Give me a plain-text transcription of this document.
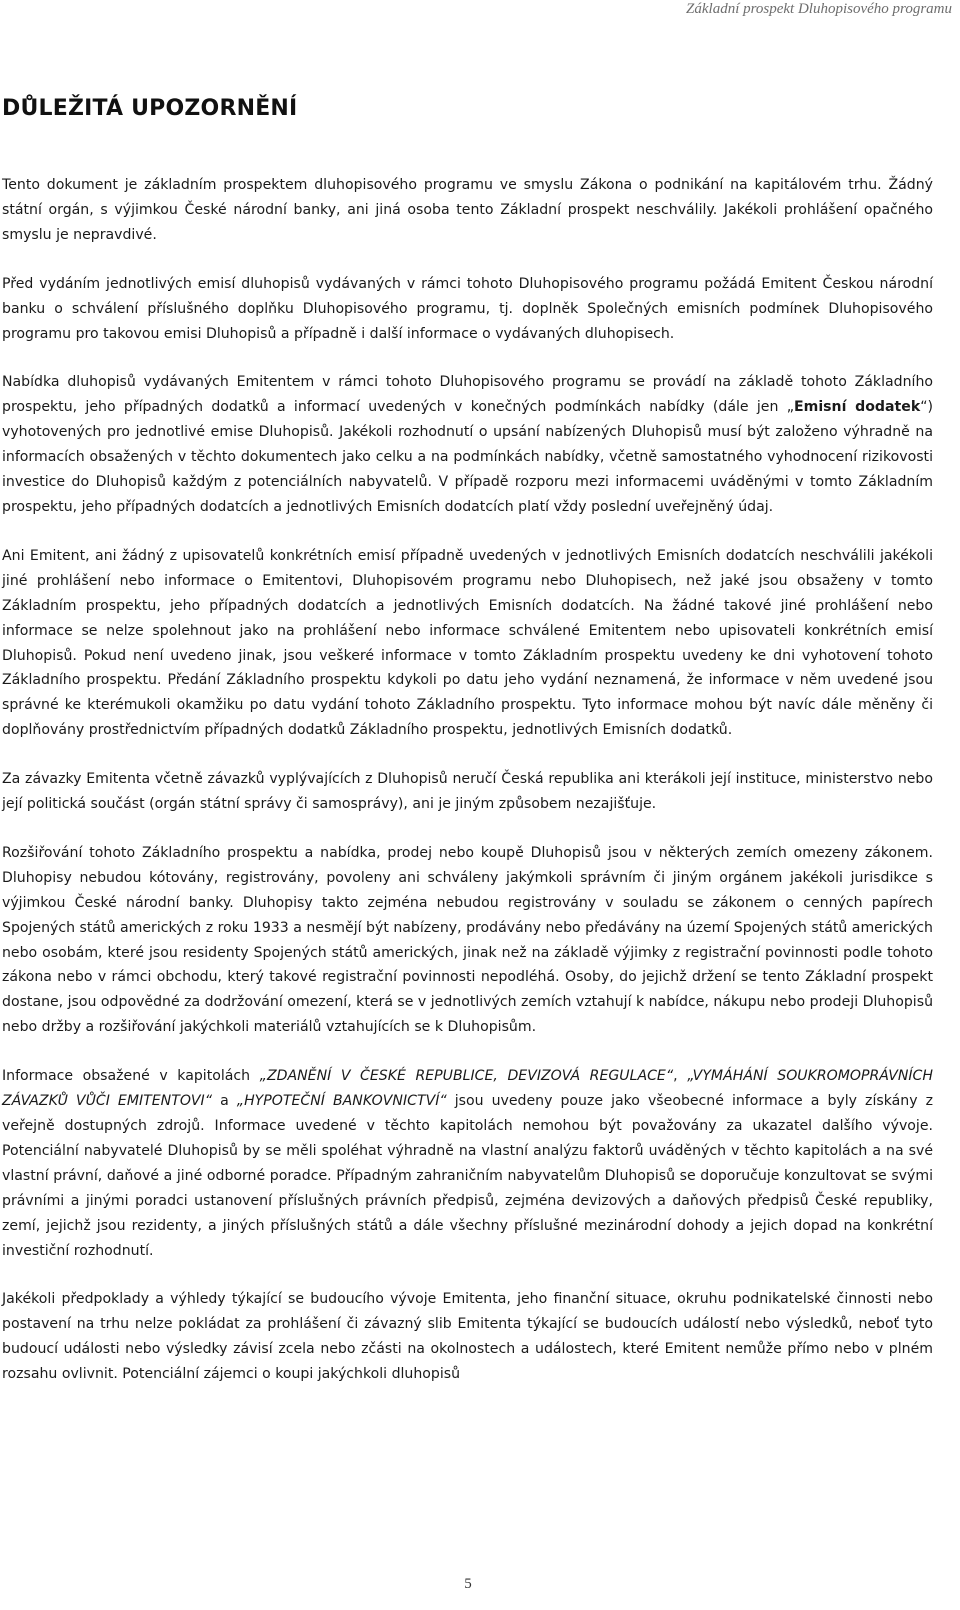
Základní prospekt Dluhopisového programu
DŮLEŽITÁ UPOZORNĚNÍ

Tento dokument je základním prospektem dluhopisového programu ve smyslu Zákona o podnikání na kapitálovém trhu. Žádný státní orgán, s výjimkou České národní banky, ani jiná osoba tento Základní prospekt neschválily. Jakékoli prohlášení opačného smyslu je nepravdivé.

Před vydáním jednotlivých emisí dluhopisů vydávaných v rámci tohoto Dluhopisového programu požádá Emitent Českou národní banku o schválení příslušného doplňku Dluhopisového programu, tj. doplněk Společných emisních podmínek Dluhopisového programu pro takovou emisi Dluhopisů a případně i další informace o vydávaných dluhopisech.

Nabídka dluhopisů vydávaných Emitentem v rámci tohoto Dluhopisového programu se provádí na základě tohoto Základního prospektu, jeho případných dodatků a informací uvedených v konečných podmínkách nabídky (dále jen „Emisní dodatek“) vyhotovených pro jednotlivé emise Dluhopisů. Jakékoli rozhodnutí o upsání nabízených Dluhopisů musí být založeno výhradně na informacích obsažených v těchto dokumentech jako celku a na podmínkách nabídky, včetně samostatného vyhodnocení rizikovosti investice do Dluhopisů každým z potenciálních nabyvatelů. V případě rozporu mezi informacemi uváděnými v tomto Základním prospektu, jeho případných dodatcích a jednotlivých Emisních dodatcích platí vždy poslední uveřejněný údaj.

Ani Emitent, ani žádný z upisovatelů konkrétních emisí případně uvedených v jednotlivých Emisních dodatcích neschválili jakékoli jiné prohlášení nebo informace o Emitentovi, Dluhopisovém programu nebo Dluhopisech, než jaké jsou obsaženy v tomto Základním prospektu, jeho případných dodatcích a jednotlivých Emisních dodatcích. Na žádné takové jiné prohlášení nebo informace se nelze spolehnout jako na prohlášení nebo informace schválené Emitentem nebo upisovateli konkrétních emisí Dluhopisů. Pokud není uvedeno jinak, jsou veškeré informace v tomto Základním prospektu uvedeny ke dni vyhotovení tohoto Základního prospektu. Předání Základního prospektu kdykoli po datu jeho vydání neznamená, že informace v něm uvedené jsou správné ke kterémukoli okamžiku po datu vydání tohoto Základního prospektu. Tyto informace mohou být navíc dále měněny či doplňovány prostřednictvím případných dodatků Základního prospektu, jednotlivých Emisních dodatků.

Za závazky Emitenta včetně závazků vyplývajících z Dluhopisů neručí Česká republika ani kterákoli její instituce, ministerstvo nebo její politická součást (orgán státní správy či samosprávy), ani je jiným způsobem nezajišťuje.

Rozšiřování tohoto Základního prospektu a nabídka, prodej nebo koupě Dluhopisů jsou v některých zemích omezeny zákonem. Dluhopisy nebudou kótovány, registrovány, povoleny ani schváleny jakýmkoli správním či jiným orgánem jakékoli jurisdikce s výjimkou České národní banky. Dluhopisy takto zejména nebudou registrovány v souladu se zákonem o cenných papírech Spojených států amerických z roku 1933 a nesmějí být nabízeny, prodávány nebo předávány na území Spojených států amerických nebo osobám, které jsou residenty Spojených států amerických, jinak než na základě výjimky z registrační povinnosti podle tohoto zákona nebo v rámci obchodu, který takové registrační povinnosti nepodléhá. Osoby, do jejichž držení se tento Základní prospekt dostane, jsou odpovědné za dodržování omezení, která se v jednotlivých zemích vztahují k nabídce, nákupu nebo prodeji Dluhopisů nebo držby a rozšiřování jakýchkoli materiálů vztahujících se k Dluhopisům.

Informace obsažené v kapitolách „ZDANĚNÍ V ČESKÉ REPUBLICE, DEVIZOVÁ REGULACE“, „VYMÁHÁNÍ SOUKROMOPRÁVNÍCH ZÁVAZKŮ VŮČI EMITENTOVI“ a „HYPOTEČNÍ BANKOVNICTVÍ“ jsou uvedeny pouze jako všeobecné informace a byly získány z veřejně dostupných zdrojů. Informace uvedené v těchto kapitolách nemohou být považovány za ukazatel dalšího vývoje. Potenciální nabyvatelé Dluhopisů by se měli spoléhat výhradně na vlastní analýzu faktorů uváděných v těchto kapitolách a na své vlastní právní, daňové a jiné odborné poradce. Případným zahraničním nabyvatelům Dluhopisů se doporučuje konzultovat se svými právními a jinými poradci ustanovení příslušných právních předpisů, zejména devizových a daňových předpisů České republiky, zemí, jejichž jsou rezidenty, a jiných příslušných států a dále všechny příslušné mezinárodní dohody a jejich dopad na konkrétní investiční rozhodnutí.

Jakékoli předpoklady a výhledy týkající se budoucího vývoje Emitenta, jeho finanční situace, okruhu podnikatelské činnosti nebo postavení na trhu nelze pokládat za prohlášení či závazný slib Emitenta týkající se budoucích událostí nebo výsledků, neboť tyto budoucí události nebo výsledky závisí zcela nebo zčásti na okolnostech a událostech, které Emitent nemůže přímo nebo v plném rozsahu ovlivnit. Potenciální zájemci o koupi jakýchkoli dluhopisů

5
